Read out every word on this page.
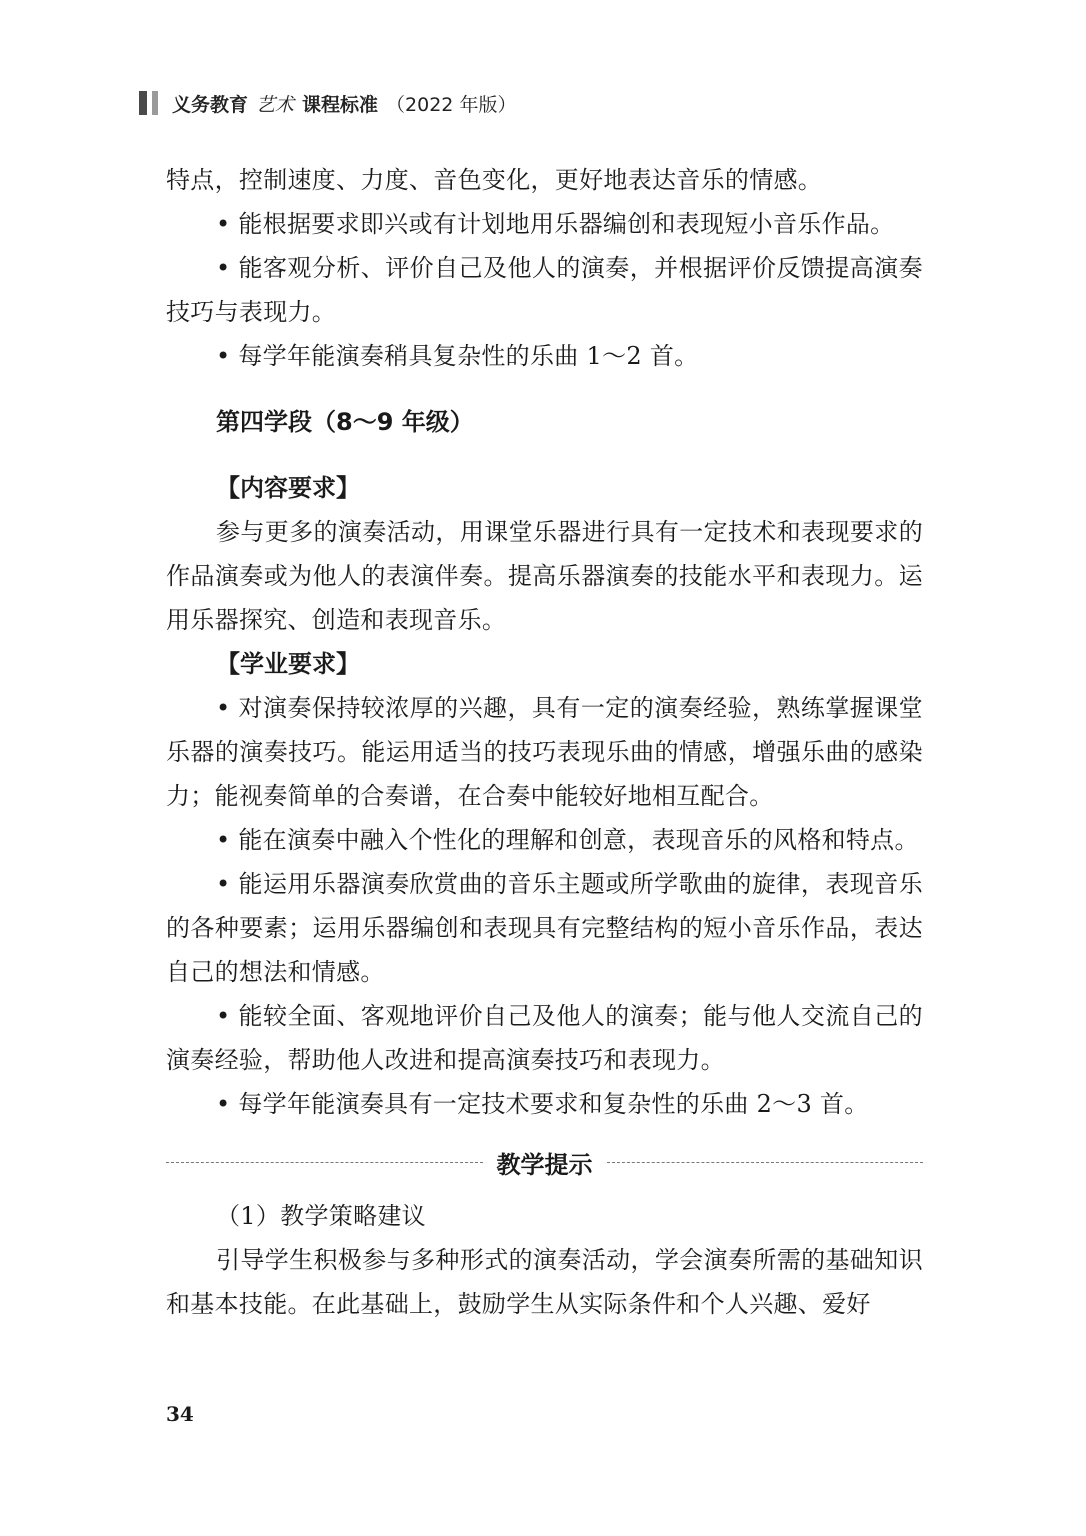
义务教育 艺术 课程标准 （2022 年版）

特点，控制速度、力度、音色变化，更好地表达音乐的情感。

• 能根据要求即兴或有计划地用乐器编创和表现短小音乐作品。

• 能客观分析、评价自己及他人的演奏，并根据评价反馈提高演奏技巧与表现力。

• 每学年能演奏稍具复杂性的乐曲 1～2 首。

第四学段（8～9 年级）

【内容要求】

参与更多的演奏活动，用课堂乐器进行具有一定技术和表现要求的作品演奏或为他人的表演伴奏。提高乐器演奏的技能水平和表现力。运用乐器探究、创造和表现音乐。

【学业要求】

• 对演奏保持较浓厚的兴趣，具有一定的演奏经验，熟练掌握课堂乐器的演奏技巧。能运用适当的技巧表现乐曲的情感，增强乐曲的感染力；能视奏简单的合奏谱，在合奏中能较好地相互配合。

• 能在演奏中融入个性化的理解和创意，表现音乐的风格和特点。

• 能运用乐器演奏欣赏曲的音乐主题或所学歌曲的旋律，表现音乐的各种要素；运用乐器编创和表现具有完整结构的短小音乐作品，表达自己的想法和情感。

• 能较全面、客观地评价自己及他人的演奏；能与他人交流自己的演奏经验，帮助他人改进和提高演奏技巧和表现力。

• 每学年能演奏具有一定技术要求和复杂性的乐曲 2～3 首。

教学提示

（1）教学策略建议

引导学生积极参与多种形式的演奏活动，学会演奏所需的基础知识和基本技能。在此基础上，鼓励学生从实际条件和个人兴趣、爱好

34
